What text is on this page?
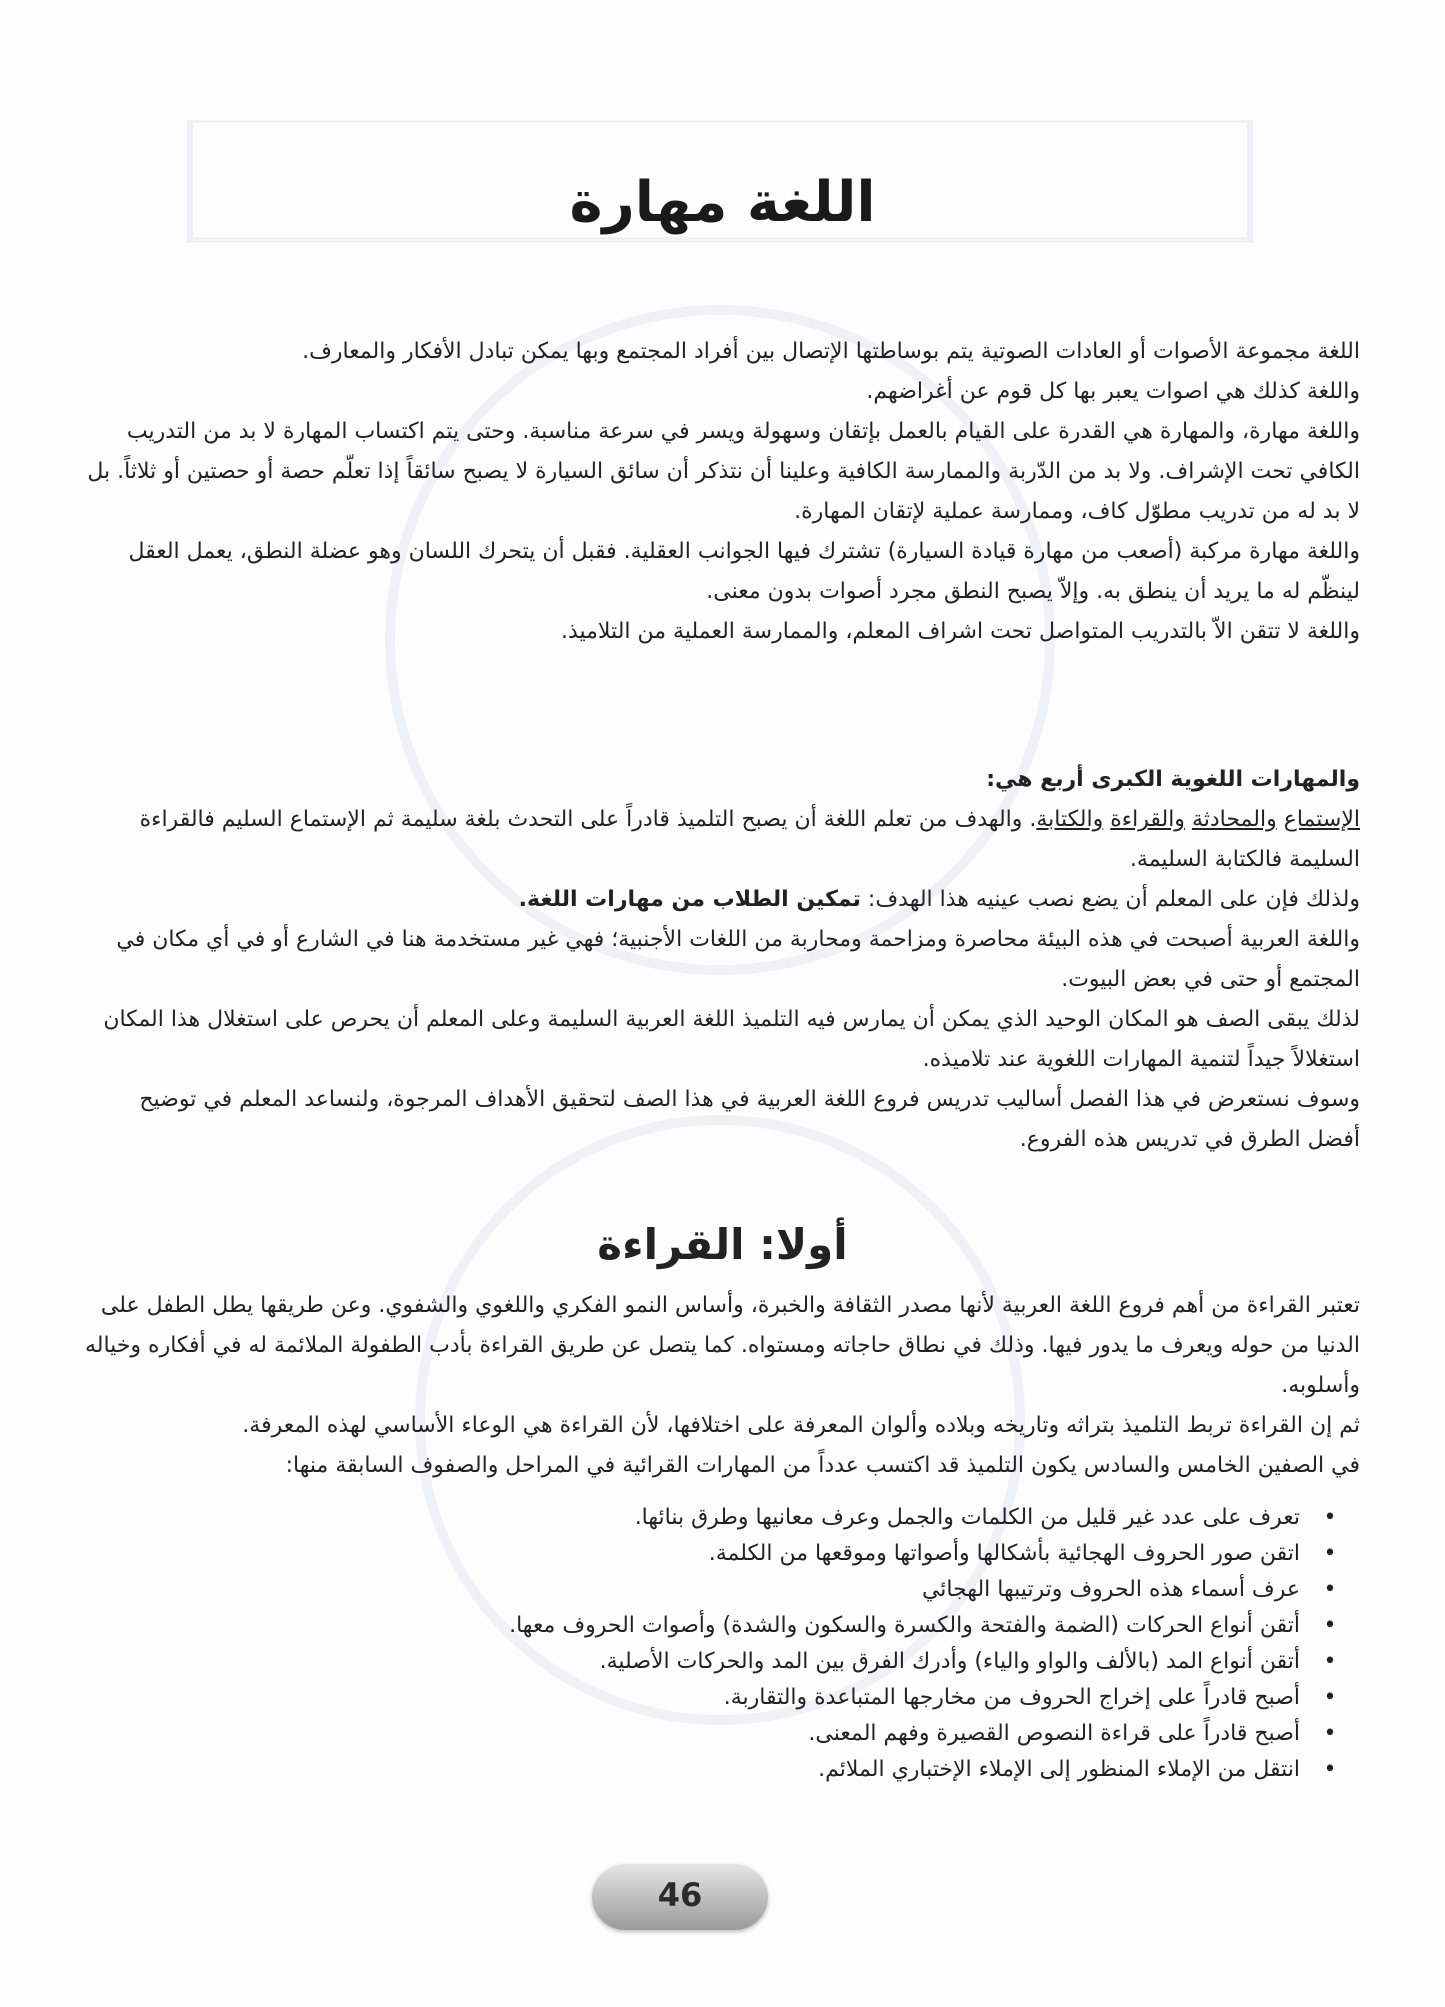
اللغة مهارة

اللغة مجموعة الأصوات أو العادات الصوتية يتم بوساطتها الإتصال بين أفراد المجتمع وبها يمكن تبادل الأفكار والمعارف.

واللغة كذلك هي اصوات يعبر بها كل قوم عن أغراضهم.

واللغة مهارة، والمهارة هي القدرة على القيام بالعمل بإتقان وسهولة ويسر في سرعة مناسبة. وحتى يتم اكتساب المهارة لا بد من التدريب الكافي تحت الإشراف. ولا بد من الدّربة والممارسة الكافية وعلينا أن نتذكر أن سائق السيارة لا يصبح سائقاً إذا تعلّم حصة أو حصتين أو ثلاثاً. بل لا بد له من تدريب مطوّل كاف، وممارسة عملية لإتقان المهارة.

واللغة مهارة مركبة (أصعب من مهارة قيادة السيارة) تشترك فيها الجوانب العقلية. فقبل أن يتحرك اللسان وهو عضلة النطق، يعمل العقل لينظّم له ما يريد أن ينطق به. وإلاّ يصبح النطق مجرد أصوات بدون معنى.

واللغة لا تتقن الاّ بالتدريب المتواصل تحت اشراف المعلم، والممارسة العملية من التلاميذ.

والمهارات اللغوية الكبرى أربع هي:

الإستماع والمحادثة والقراءة والكتابة. والهدف من تعلم اللغة أن يصبح التلميذ قادراً على التحدث بلغة سليمة ثم الإستماع السليم فالقراءة السليمة فالكتابة السليمة.

ولذلك فإن على المعلم أن يضع نصب عينيه هذا الهدف: تمكين الطلاب من مهارات اللغة.

واللغة العربية أصبحت في هذه البيئة محاصرة ومزاحمة ومحاربة من اللغات الأجنبية؛ فهي غير مستخدمة هنا في الشارع أو في أي مكان في المجتمع أو حتى في بعض البيوت.

لذلك يبقى الصف هو المكان الوحيد الذي يمكن أن يمارس فيه التلميذ اللغة العربية السليمة وعلى المعلم أن يحرص على استغلال هذا المكان استغلالاً جيداً لتنمية المهارات اللغوية عند تلاميذه.

وسوف نستعرض في هذا الفصل أساليب تدريس فروع اللغة العربية في هذا الصف لتحقيق الأهداف المرجوة، ولنساعد المعلم في توضيح أفضل الطرق في تدريس هذه الفروع.

أولا: القراءة

تعتبر القراءة من أهم فروع اللغة العربية لأنها مصدر الثقافة والخبرة، وأساس النمو الفكري واللغوي والشفوي. وعن طريقها يطل الطفل على الدنيا من حوله ويعرف ما يدور فيها. وذلك في نطاق حاجاته ومستواه. كما يتصل عن طريق القراءة بأدب الطفولة الملائمة له في أفكاره وخياله وأسلوبه.

ثم إن القراءة تربط التلميذ بتراثه وتاريخه وبلاده وألوان المعرفة على اختلافها، لأن القراءة هي الوعاء الأساسي لهذه المعرفة.

في الصفين الخامس والسادس يكون التلميذ قد اكتسب عدداً من المهارات القرائية في المراحل والصفوف السابقة منها:

•
تعرف على عدد غير قليل من الكلمات والجمل وعرف معانيها وطرق بنائها.
•
اتقن صور الحروف الهجائية بأشكالها وأصواتها وموقعها من الكلمة.
•
عرف أسماء هذه الحروف وترتيبها الهجائي
•
أتقن أنواع الحركات (الضمة والفتحة والكسرة والسكون والشدة) وأصوات الحروف معها.
•
أتقن أنواع المد (بالألف والواو والياء) وأدرك الفرق بين المد والحركات الأصلية.
•
أصبح قادراً على إخراج الحروف من مخارجها المتباعدة والتقاربة.
•
أصبح قادراً على قراءة النصوص القصيرة وفهم المعنى.
•
انتقل من الإملاء المنظور إلى الإملاء الإختباري الملائم.
46
